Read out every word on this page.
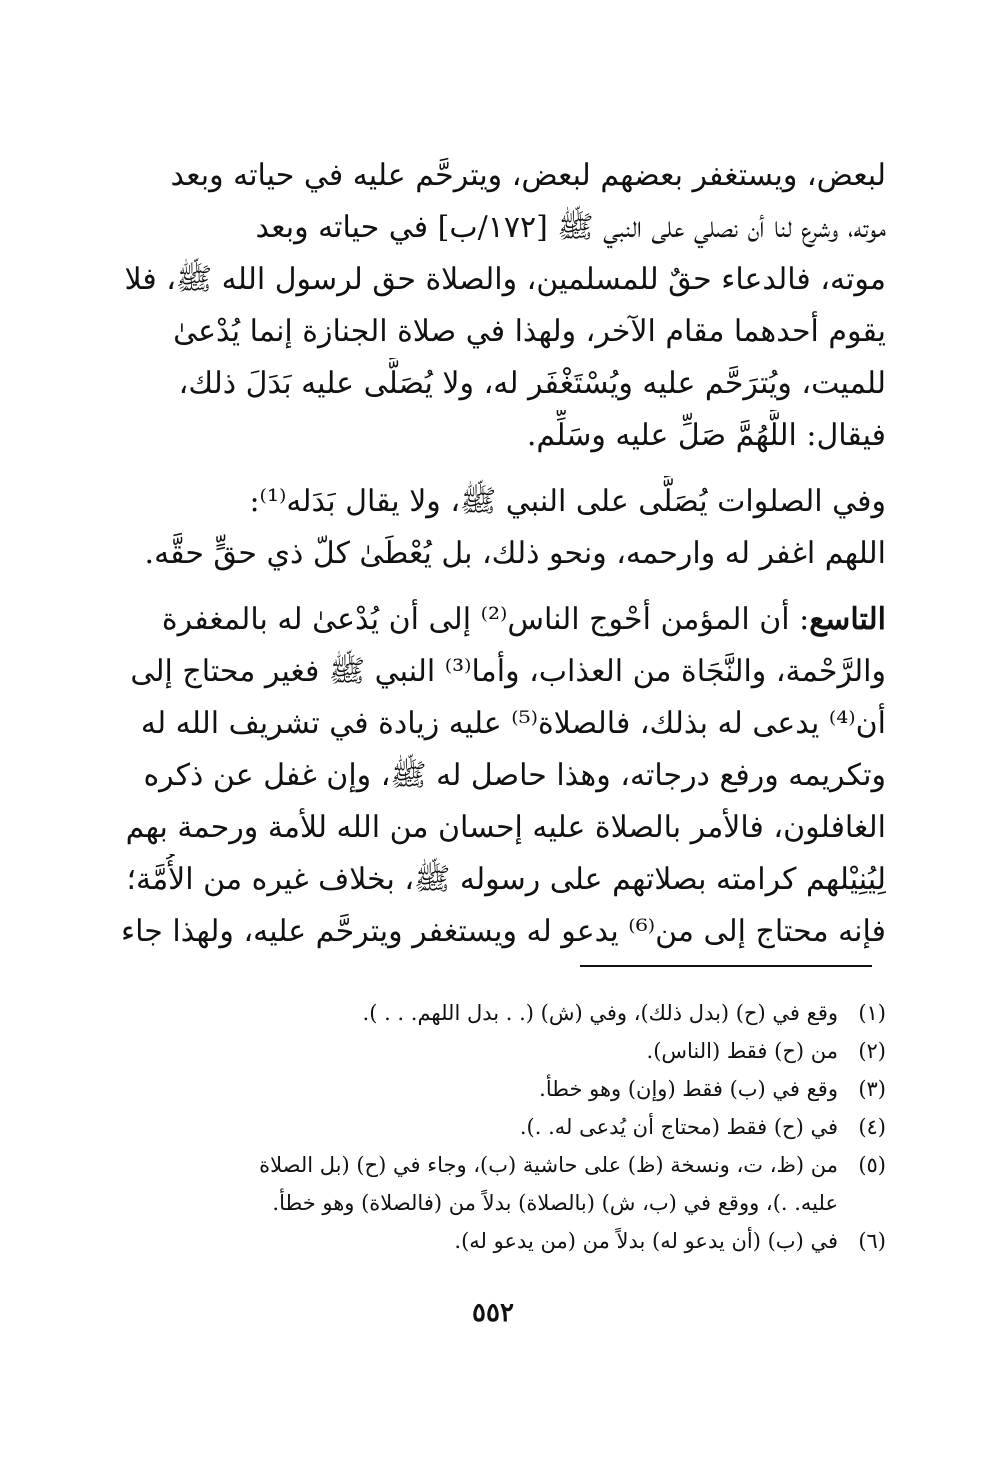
لبعض، ويستغفر بعضهم لبعض، ويترحَّم عليه في حياته وبعد
موته، وشرع لنا أن نصلي على النبي ﷺ [١٧٢/ب] في حياته وبعد
موته، فالدعاء حقٌ للمسلمين، والصلاة حق لرسول الله ﷺ، فلا
يقوم أحدهما مقام الآخر، ولهذا في صلاة الجنازة إنما يُدْعىٰ
للميت، ويُترَحَّم عليه ويُسْتَغْفَر له، ولا يُصَلَّى عليه بَدَلَ ذلك،
فيقال: اللَّهُمَّ صَلِّ عليه وسَلِّم.
وفي الصلوات يُصَلَّى على النبي ﷺ، ولا يقال بَدَله⁽¹⁾:
اللهم اغفر له وارحمه، ونحو ذلك، بل يُعْطَىٰ كلّ ذي حقٍّ حقَّه.
التاسع: أن المؤمن أحْوج الناس⁽²⁾ إلى أن يُدْعىٰ له بالمغفرة
والرَّحْمة، والنَّجَاة من العذاب، وأما⁽³⁾ النبي ﷺ فغير محتاج إلى
أن⁽⁴⁾ يدعى له بذلك، فالصلاة⁽⁵⁾ عليه زيادة في تشريف الله له
وتكريمه ورفع درجاته، وهذا حاصل له ﷺ، وإن غفل عن ذكره
الغافلون، فالأمر بالصلاة عليه إحسان من الله للأمة ورحمة بهم
لِيُنِيْلهم كرامته بصلاتهم على رسوله ﷺ، بخلاف غيره من الأُمَّة؛
فإنه محتاج إلى من⁽⁶⁾ يدعو له ويستغفر ويترحَّم عليه، ولهذا جاء
(١)
وقع في (ح) (بدل ذلك)، وفي (ش) (. . بدل اللهم. . . ).
(٢)
من (ح) فقط (الناس).
(٣)
وقع في (ب) فقط (وإن) وهو خطأ.
(٤)
في (ح) فقط (محتاج أن يُدعى له. .).
(٥)
من (ظ، ت، ونسخة (ظ) على حاشية (ب)، وجاء في (ح) (بل الصلاة
عليه. .)، ووقع في (ب، ش) (بالصلاة) بدلاً من (فالصلاة) وهو خطأ.
(٦)
في (ب) (أن يدعو له) بدلاً من (من يدعو له).
٥٥٢
